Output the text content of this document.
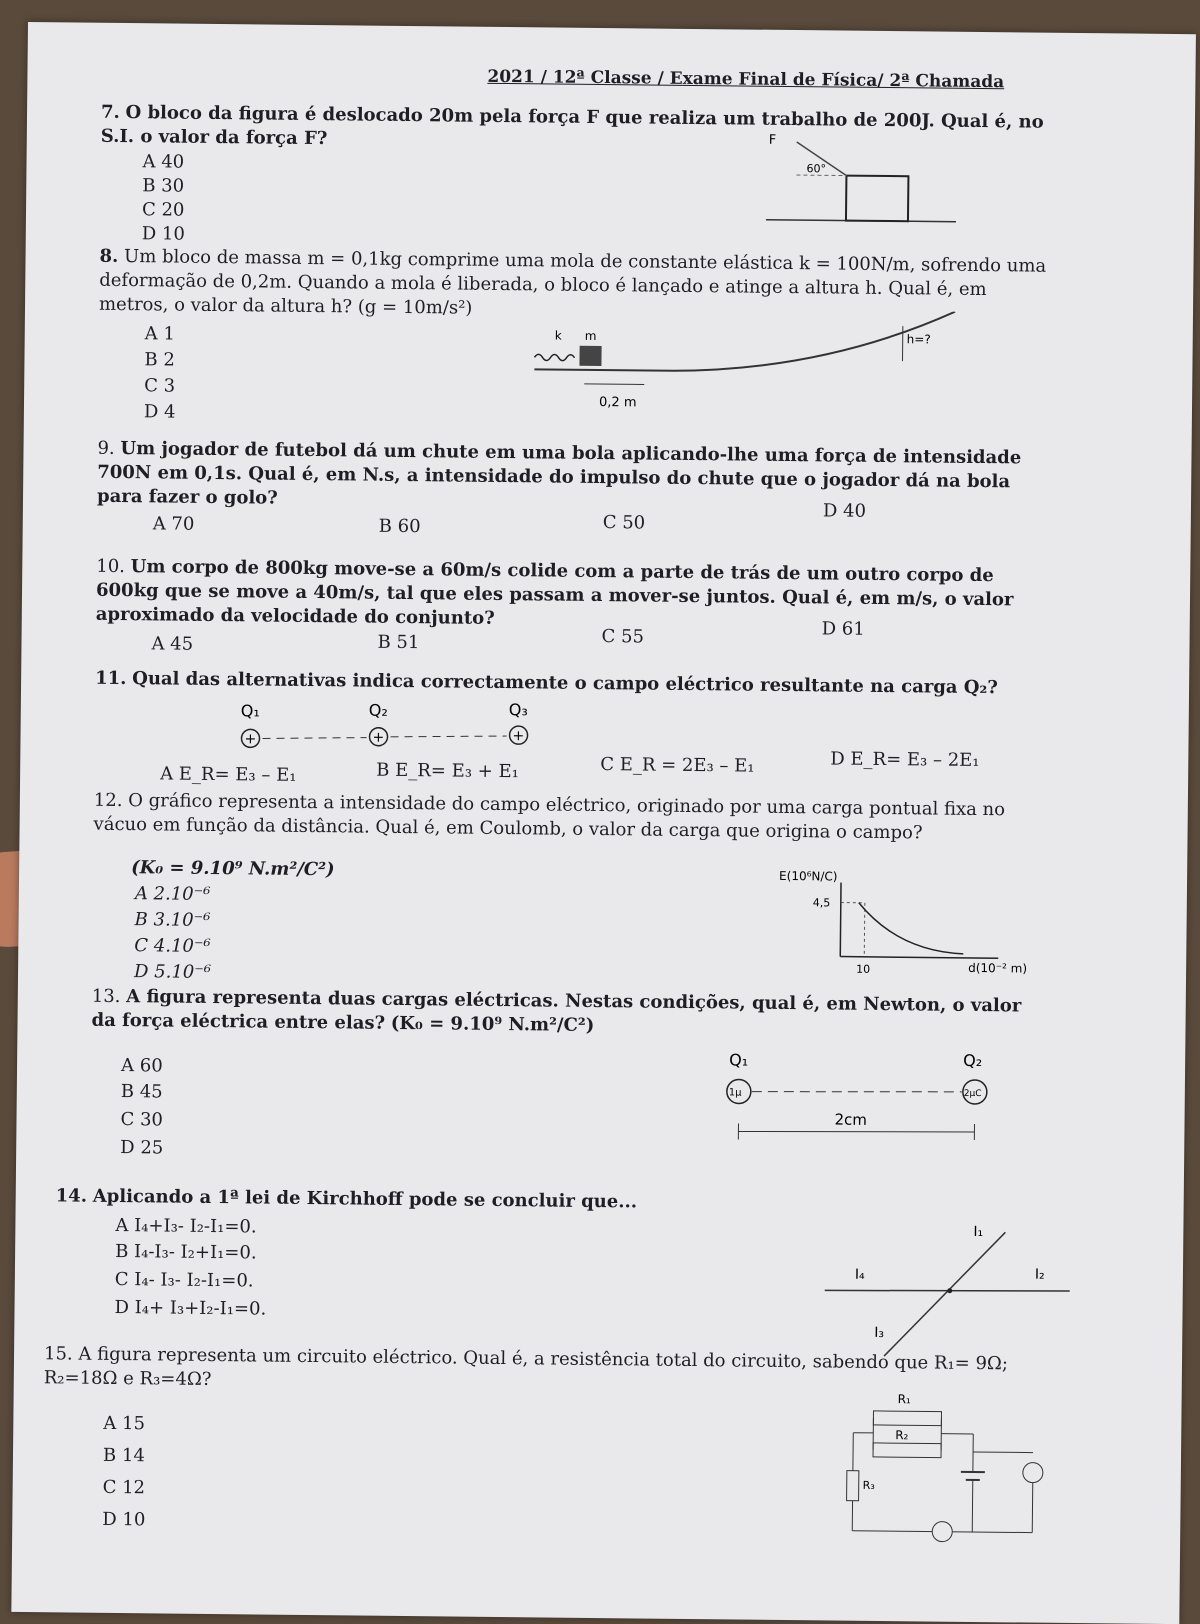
2021 / 12ª Classe / Exame Final de Física/ 2ª Chamada
7. O bloco da figura é deslocado 20m pela força F que realiza um trabalho de 200J. Qual é, no S.I. o valor da força F?
A 40
B 30
C 20
D 10
F
60°
8. Um bloco de massa m = 0,1kg comprime uma mola de constante elástica k = 100N/m, sofrendo uma deformação de 0,2m. Quando a mola é liberada, o bloco é lançado e atinge a altura h. Qual é, em metros, o valor da altura h? (g = 10m/s²)
A 1
B 2
C 3
D 4
k m
0,2 m
h=?
9. Um jogador de futebol dá um chute em uma bola aplicando-lhe uma força de intensidade 700N em 0,1s. Qual é, em N.s, a intensidade do impulso do chute que o jogador dá na bola para fazer o golo?
A 70	B 60	C 50
D 40
10. Um corpo de 800kg move-se a 60m/s colide com a parte de trás de um outro corpo de 600kg que se move a 40m/s, tal que eles passam a mover-se juntos. Qual é, em m/s, o valor aproximado da velocidade do conjunto?
A 45	B 51	C 55	D 61
11. Qual das alternativas indica correctamente o campo eléctrico resultante na carga Q₂?
Q₁	Q₂	Q₃
+	+	+
A E_R= E₃ – E₁	B E_R= E₃ + E₁	C E_R = 2E₃ – E₁	D E_R= E₃ – 2E₁
12. O gráfico representa a intensidade do campo eléctrico, originado por uma carga pontual fixa no vácuo em função da distância. Qual é, em Coulomb, o valor da carga que origina o campo?
(K₀ = 9.10⁹ N.m²/C²)
A 2.10⁻⁶
B 3.10⁻⁶
C 4.10⁻⁶
D 5.10⁻⁶
E(10⁶N/C)
4,5
10	d(10⁻² m)
13. A figura representa duas cargas eléctricas. Nestas condições, qual é, em Newton, o valor da força eléctrica entre elas? (K₀ = 9.10⁹ N.m²/C²)
A 60
B 45
C 30
D 25
Q₁	Q₂
1μ	2μC
2cm
14. Aplicando a 1ª lei de Kirchhoff pode se concluir que...
A I₄+I₃- I₂-I₁=0.
B I₄-I₃- I₂+I₁=0.
C I₄- I₃- I₂-I₁=0.
D I₄+ I₃+I₂-I₁=0.
I₁
I₂
I₃
I₄
15. A figura representa um circuito eléctrico. Qual é, a resistência total do circuito, sabendo que R₁= 9Ω; R₂=18Ω e R₃=4Ω?
A 15
B 14
C 12
D 10
R₁
R₂
R₃
